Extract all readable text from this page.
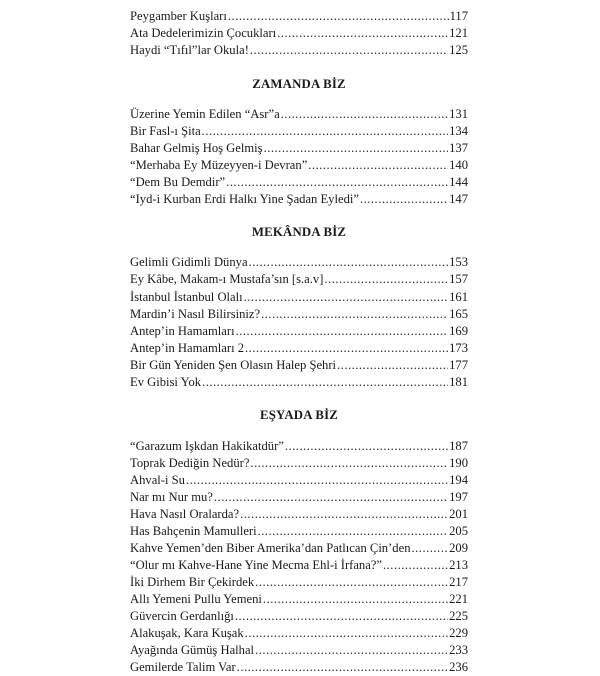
Peygamber Kuşları .....	117
Ata Dedelerimizin Çocukları .....	121
Haydi “Tıfıl”lar Okula! .....	125
ZAMANDA BİZ
Üzerine Yemin Edilen “Asr”a .....	131
Bir Fasl-ı Şita .....	134
Bahar Gelmiş Hoş Gelmiş .....	137
“Merhaba Ey Müzeyyen-i Devran” .....	140
“Dem Bu Demdir” .....	144
“Iyd-i Kurban Erdi Halkı Yine Şadan Eyledi” .....	147
MEKÂNDA BİZ
Gelimli Gidimli Dünya .....	153
Ey Kâbe, Makam-ı Mustafa’sın [s.a.v] .....	157
İstanbul İstanbul Olalı .....	161
Mardin’i Nasıl Bilirsiniz? .....	165
Antep’in Hamamları .....	169
Antep’in Hamamları 2 .....	173
Bir Gün Yeniden Şen Olasın Halep Şehri .....	177
Ev Gibisi Yok .....	181
EŞYADA BİZ
“Garazum Işkdan Hakikatdür” .....	187
Toprak Dediğin Nedür? .....	190
Ahval-i Su .....	194
Nar mı Nur mu? .....	197
Hava Nasıl Oralarda? .....	201
Has Bahçenin Mamulleri .....	205
Kahve Yemen’den Biber Amerika’dan Patlıcan Çin’den .....	209
“Olur mı Kahve-Hane Yine Mecma Ehl-i İrfana?” .....	213
İki Dirhem Bir Çekirdek .....	217
Allı Yemeni Pullu Yemeni .....	221
Güvercin Gerdanlığı .....	225
Alakuşak, Kara Kuşak .....	229
Ayağında Gümüş Halhal .....	233
Gemilerde Talim Var .....	236
